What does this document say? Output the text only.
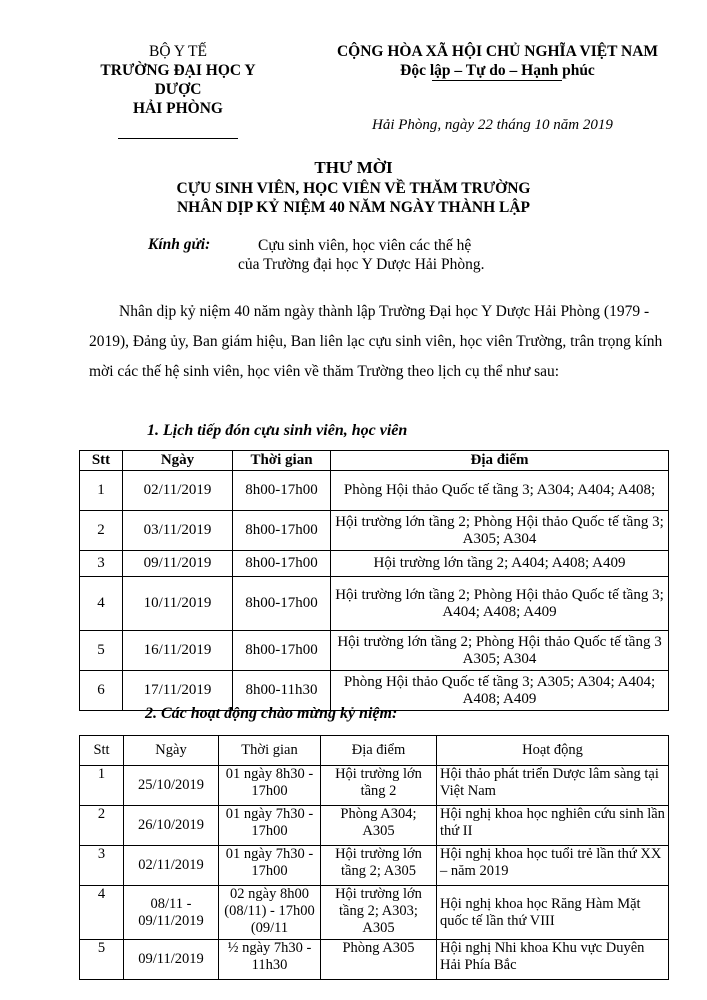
BỘ Y TẾ
TRƯỜNG ĐẠI HỌC Y DƯỢC
HẢI PHÒNG
CỘNG HÒA XÃ HỘI CHỦ NGHĨA VIỆT NAM
Độc lập – Tự do – Hạnh phúc
Hải Phòng, ngày 22 tháng 10 năm 2019
THƯ MỜI
CỰU SINH VIÊN, HỌC VIÊN VỀ THĂM TRƯỜNG
NHÂN DỊP KỶ NIỆM 40 NĂM NGÀY THÀNH LẬP
Kính gửi:	Cựu sinh viên, học viên các thế hệ
của Trường đại học Y Dược Hải Phòng.
Nhân dịp kỷ niệm 40 năm ngày thành lập Trường Đại học Y Dược Hải Phòng (1979 - 2019), Đảng ủy, Ban giám hiệu, Ban liên lạc cựu sinh viên, học viên Trường, trân trọng kính mời các thế hệ sinh viên, học viên về thăm Trường theo lịch cụ thể như sau:
1. Lịch tiếp đón cựu sinh viên, học viên
Stt	Ngày	Thời gian	Địa điểm
1	02/11/2019	8h00-17h00	Phòng Hội thảo Quốc tế tầng 3; A304; A404; A408;
2	03/11/2019	8h00-17h00	Hội trường lớn tầng 2; Phòng Hội thảo Quốc tế tầng 3; A305; A304
3	09/11/2019	8h00-17h00	Hội trường lớn tầng 2; A404; A408; A409
4	10/11/2019	8h00-17h00	Hội trường lớn tầng 2; Phòng Hội thảo Quốc tế tầng 3; A404; A408; A409
5	16/11/2019	8h00-17h00	Hội trường lớn tầng 2; Phòng Hội thảo Quốc tế tầng 3 A305; A304
6	17/11/2019	8h00-11h30	Phòng Hội thảo Quốc tế tầng 3; A305; A304; A404; A408; A409
2. Các hoạt động chào mừng kỷ niệm:
Stt	Ngày	Thời gian	Địa điểm	Hoạt động
1	25/10/2019	01 ngày 8h30 - 17h00	Hội trường lớn tầng 2	Hội thảo phát triển Dược lâm sàng tại Việt Nam
2	26/10/2019	01 ngày 7h30 - 17h00	Phòng A304; A305	Hội nghị khoa học nghiên cứu sinh lần thứ II
3	02/11/2019	01 ngày 7h30 - 17h00	Hội trường lớn tầng 2; A305	Hội nghị khoa học tuổi trẻ lần thứ XX – năm 2019
4	08/11 - 09/11/2019	02 ngày 8h00 (08/11) - 17h00 (09/11	Hội trường lớn tầng 2; A303; A305	Hội nghị khoa học Răng Hàm Mặt quốc tế lần thứ VIII
5	09/11/2019	½ ngày 7h30 - 11h30	Phòng A305	Hội nghị Nhi khoa Khu vực Duyên Hải Phía Bắc
